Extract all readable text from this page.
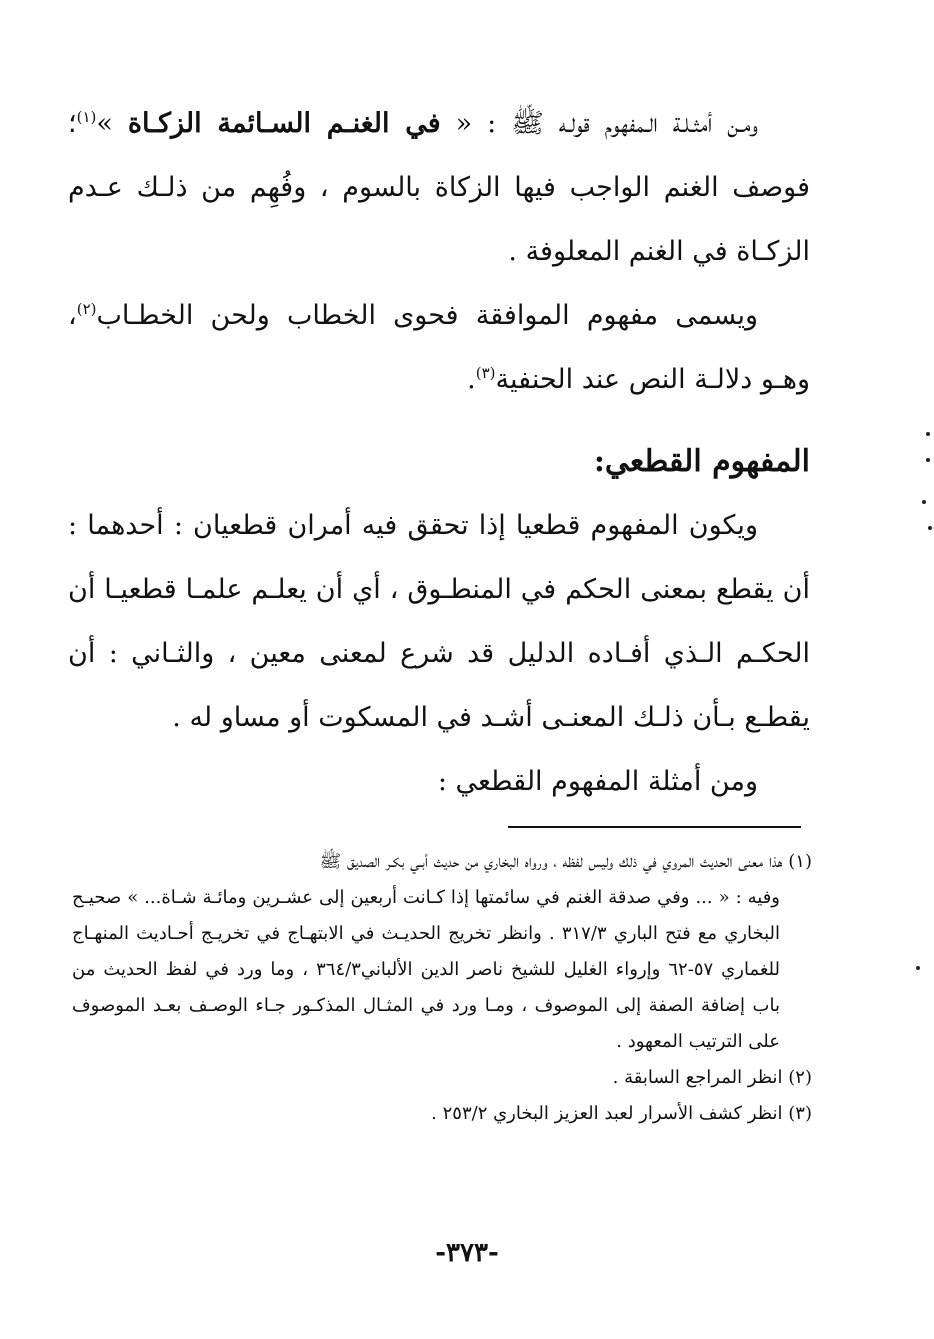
ومـن أمثـلـة الـمفهوم قولـه ﷺ : « في الغنـم السـائمة الزكـاة »$^{(١)}$؛ فوصف الغنم الواجب فيها الزكاة بالسوم ، وفُهِم من ذلـك عـدم الزكـاة في الغنم المعلوفة .

ويسمى مفهوم الموافقة فحوى الخطاب ولحن الخطـاب$^{(٢)}$، وهـو دلالـة النص عند الحنفية$^{(٣)}$.

المفهوم القطعي:

ويكون المفهوم قطعيا إذا تحقق فيه أمران قطعيان : أحدهما : أن يقطع بمعنى الحكم في المنطـوق ، أي أن يعلـم علمـا قطعيـا أن الحكـم الـذي أفـاده الدليل قد شرع لمعنى معين ، والثـاني : أن يقطـع بـأن ذلـك المعنـى أشـد في المسكوت أو مساو له .

ومن أمثلة المفهوم القطعي :

(١) هذا معنى الحديث المروي في ذلك وليس لفظه ، ورواه البخاري من حديث أبـي بكـر الصديق ﷺ

وفيه : « ... وفي صدقة الغنم في سائمتها إذا كـانت أربعين إلى عشـرين ومائـة شـاة... » صحيـح البخاري مع فتح الباري ٣١٧/٣ . وانظر تخريج الحديـث في الابتهـاج في تخريـج أحـاديث المنهـاج للغماري ٥٧-٦٢ وإرواء الغليل للشيخ ناصر الدين الألباني٣٦٤/٣ ، وما ورد في لفظ الحديث من باب إضافة الصفة إلى الموصوف ، ومـا ورد في المثـال المذكـور جـاء الوصـف بعـد الموصوف على الترتيب المعهود .

(٢) انظر المراجع السابقة .

(٣) انظر كشف الأسرار لعبد العزيز البخاري ٢٥٣/٢ .

-٣٧٣-
